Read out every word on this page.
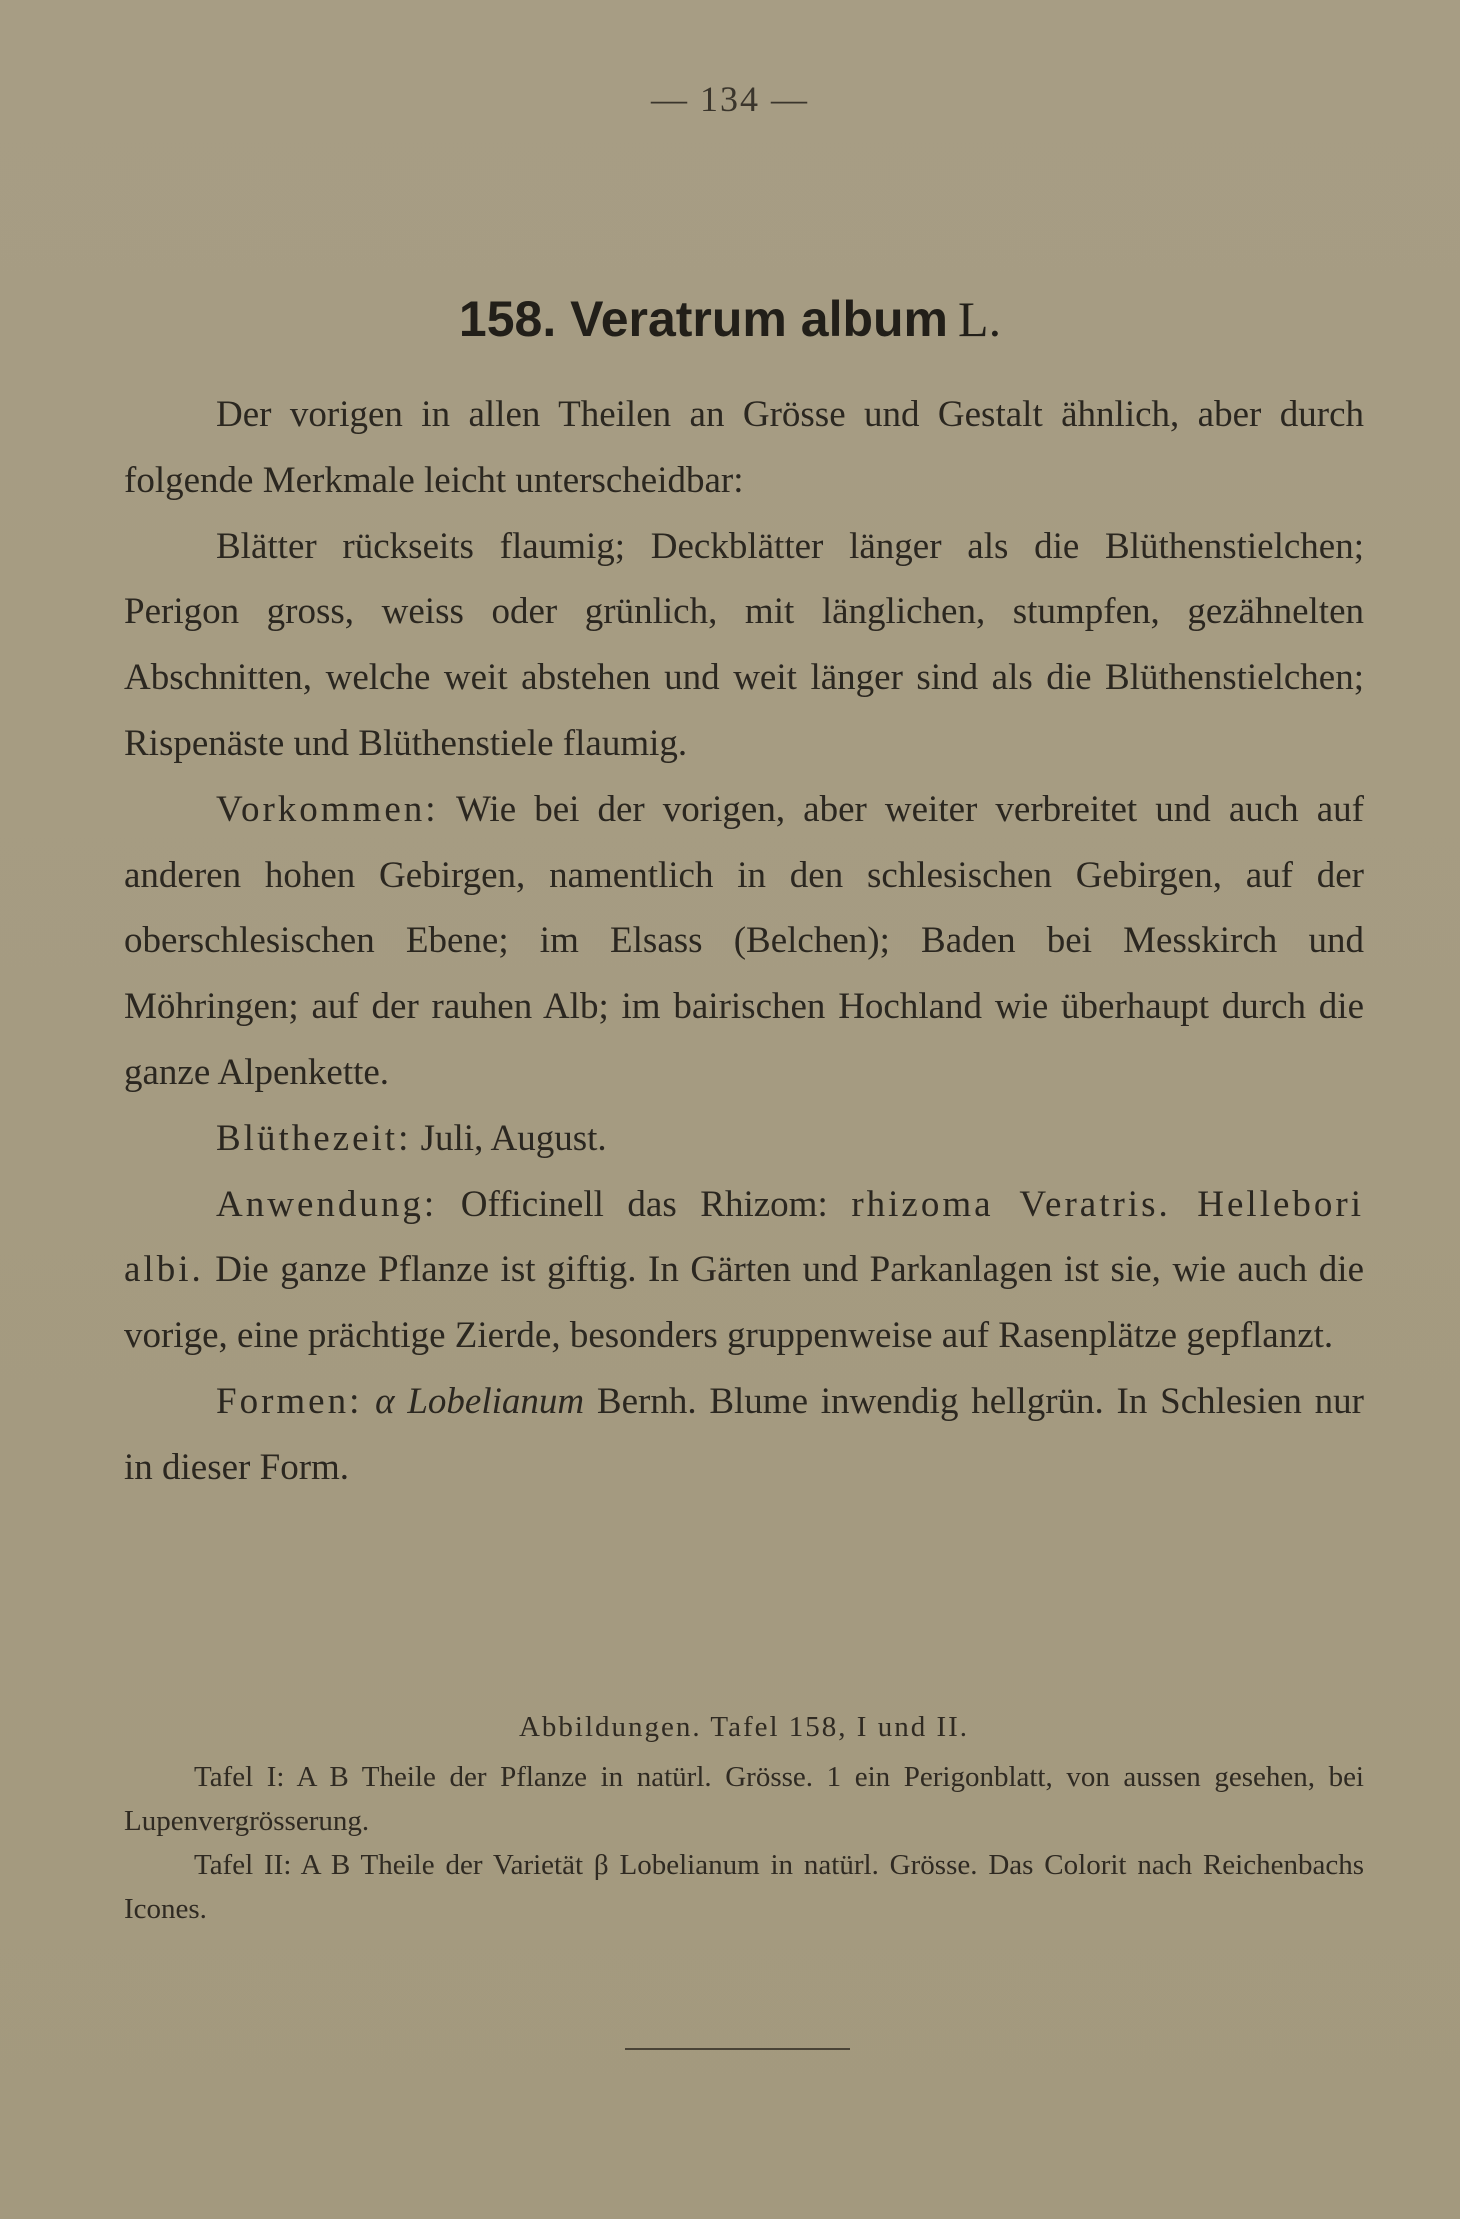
— 134 —
158. Veratrum album L.

Der vorigen in allen Theilen an Grösse und Gestalt ähnlich, aber durch folgende Merkmale leicht unterscheidbar:

Blätter rückseits flaumig; Deckblätter länger als die Blüthenstielchen; Perigon gross, weiss oder grünlich, mit länglichen, stumpfen, gezähnelten Abschnitten, welche weit abstehen und weit länger sind als die Blüthenstielchen; Rispenäste und Blüthenstiele flaumig.

Vorkommen: Wie bei der vorigen, aber weiter verbreitet und auch auf anderen hohen Gebirgen, namentlich in den schlesischen Gebirgen, auf der oberschlesischen Ebene; im Elsass (Belchen); Baden bei Messkirch und Möhringen; auf der rauhen Alb; im bairischen Hochland wie überhaupt durch die ganze Alpenkette.

Blüthezeit: Juli, August.

Anwendung: Officinell das Rhizom: rhizoma Veratris. Hellebori albi. Die ganze Pflanze ist giftig. In Gärten und Parkanlagen ist sie, wie auch die vorige, eine prächtige Zierde, besonders gruppenweise auf Rasenplätze gepflanzt.

Formen: α Lobelianum Bernh. Blume inwendig hellgrün. In Schlesien nur in dieser Form.

Abbildungen. Tafel 158, I und II.

Tafel I: A B Theile der Pflanze in natürl. Grösse. 1 ein Perigonblatt, von aussen gesehen, bei Lupenvergrösserung.

Tafel II: A B Theile der Varietät β Lobelianum in natürl. Grösse. Das Colorit nach Reichenbachs Icones.
